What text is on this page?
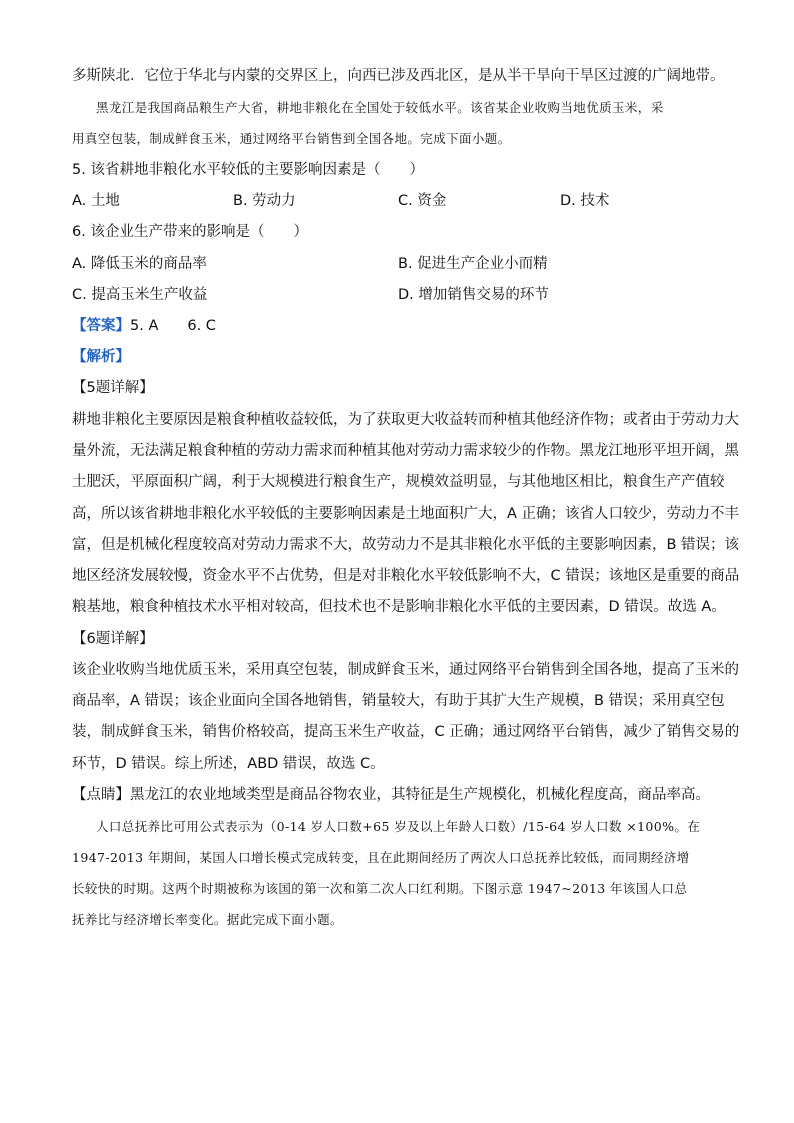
多斯陕北．它位于华北与内蒙的交界区上，向西已涉及西北区，是从半干旱向干旱区过渡的广阔地带。
黑龙江是我国商品粮生产大省，耕地非粮化在全国处于较低水平。该省某企业收购当地优质玉米，采
用真空包装，制成鲜食玉米，通过网络平台销售到全国各地。完成下面小题。
5. 该省耕地非粮化水平较低的主要影响因素是（　　）
A. 土地	B. 劳动力	C. 资金	D. 技术
6. 该企业生产带来的影响是（　　）
A. 降低玉米的商品率	B. 促进生产企业小而精
C. 提高玉米生产收益	D. 增加销售交易的环节
【答案】5. A　　6. C
【解析】
【5题详解】
耕地非粮化主要原因是粮食种植收益较低，为了获取更大收益转而种植其他经济作物；或者由于劳动力大
量外流，无法满足粮食种植的劳动力需求而种植其他对劳动力需求较少的作物。黑龙江地形平坦开阔，黑
土肥沃，平原面积广阔，利于大规模进行粮食生产，规模效益明显，与其他地区相比，粮食生产产值较
高，所以该省耕地非粮化水平较低的主要影响因素是土地面积广大，A 正确；该省人口较少，劳动力不丰
富，但是机械化程度较高对劳动力需求不大，故劳动力不是其非粮化水平低的主要影响因素，B 错误；该
地区经济发展较慢，资金水平不占优势，但是对非粮化水平较低影响不大，C 错误；该地区是重要的商品
粮基地，粮食种植技术水平相对较高，但技术也不是影响非粮化水平低的主要因素，D 错误。故选 A。
【6题详解】
该企业收购当地优质玉米，采用真空包装，制成鲜食玉米，通过网络平台销售到全国各地，提高了玉米的
商品率，A 错误；该企业面向全国各地销售，销量较大，有助于其扩大生产规模，B 错误；采用真空包
装，制成鲜食玉米，销售价格较高，提高玉米生产收益，C 正确；通过网络平台销售，减少了销售交易的
环节，D 错误。综上所述，ABD 错误，故选 C。
【点睛】黑龙江的农业地域类型是商品谷物农业，其特征是生产规模化，机械化程度高，商品率高。
人口总抚养比可用公式表示为（0-14 岁人口数+65 岁及以上年龄人口数）/15-64 岁人口数 ×100%。在
1947-2013 年期间，某国人口增长模式完成转变，且在此期间经历了两次人口总抚养比较低，而同期经济增
长较快的时期。这两个时期被称为该国的第一次和第二次人口红利期。下图示意 1947~2013 年该国人口总
抚养比与经济增长率变化。据此完成下面小题。
